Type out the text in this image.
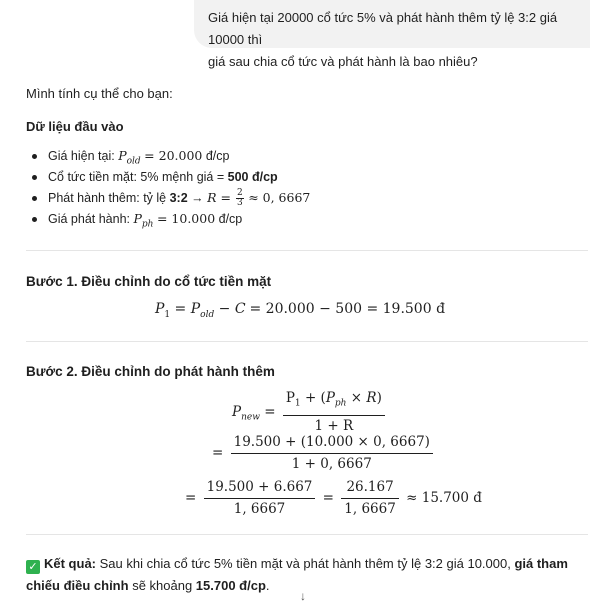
Giá hiện tại 20000 cổ tức 5% và phát hành thêm tỷ lệ 3:2 giá 10000 thì
giá sau chia cổ tức và phát hành là bao nhiêu?
Mình tính cụ thể cho bạn:
Dữ liệu đầu vào
Giá hiện tại: $P_{old} = 20.000$ đ/cp
Cổ tức tiền mặt: 5% mệnh giá = 500 đ/cp
Phát hành thêm: tỷ lệ 3:2 → $R = \frac{2}{3} \approx 0$, 6667
Giá phát hành: $P_{ph} = 10.000$ đ/cp
Bước 1. Điều chỉnh do cổ tức tiền mặt
$P_1 = P_{old} - C = 20.000 - 500 = 19.500$ đ
Bước 2. Điều chỉnh do phát hành thêm
$P_{new} = \frac{P_1 + (P_{ph} \times R)}{1 + R}$
= $\frac{19.500 + (10.000 \times 0, 6667)}{1 + 0, 6667}$
= $\frac{19.500 + 6.667}{1, 6667} = \frac{26.167}{1, 6667} \approx 15.700$ đ
✓ Kết quả: Sau khi chia cổ tức 5% tiền mặt và phát hành thêm tỷ lệ 3:2 giá 10.000, giá tham chiếu điều chỉnh sẽ khoảng 15.700 đ/cp.
↓
